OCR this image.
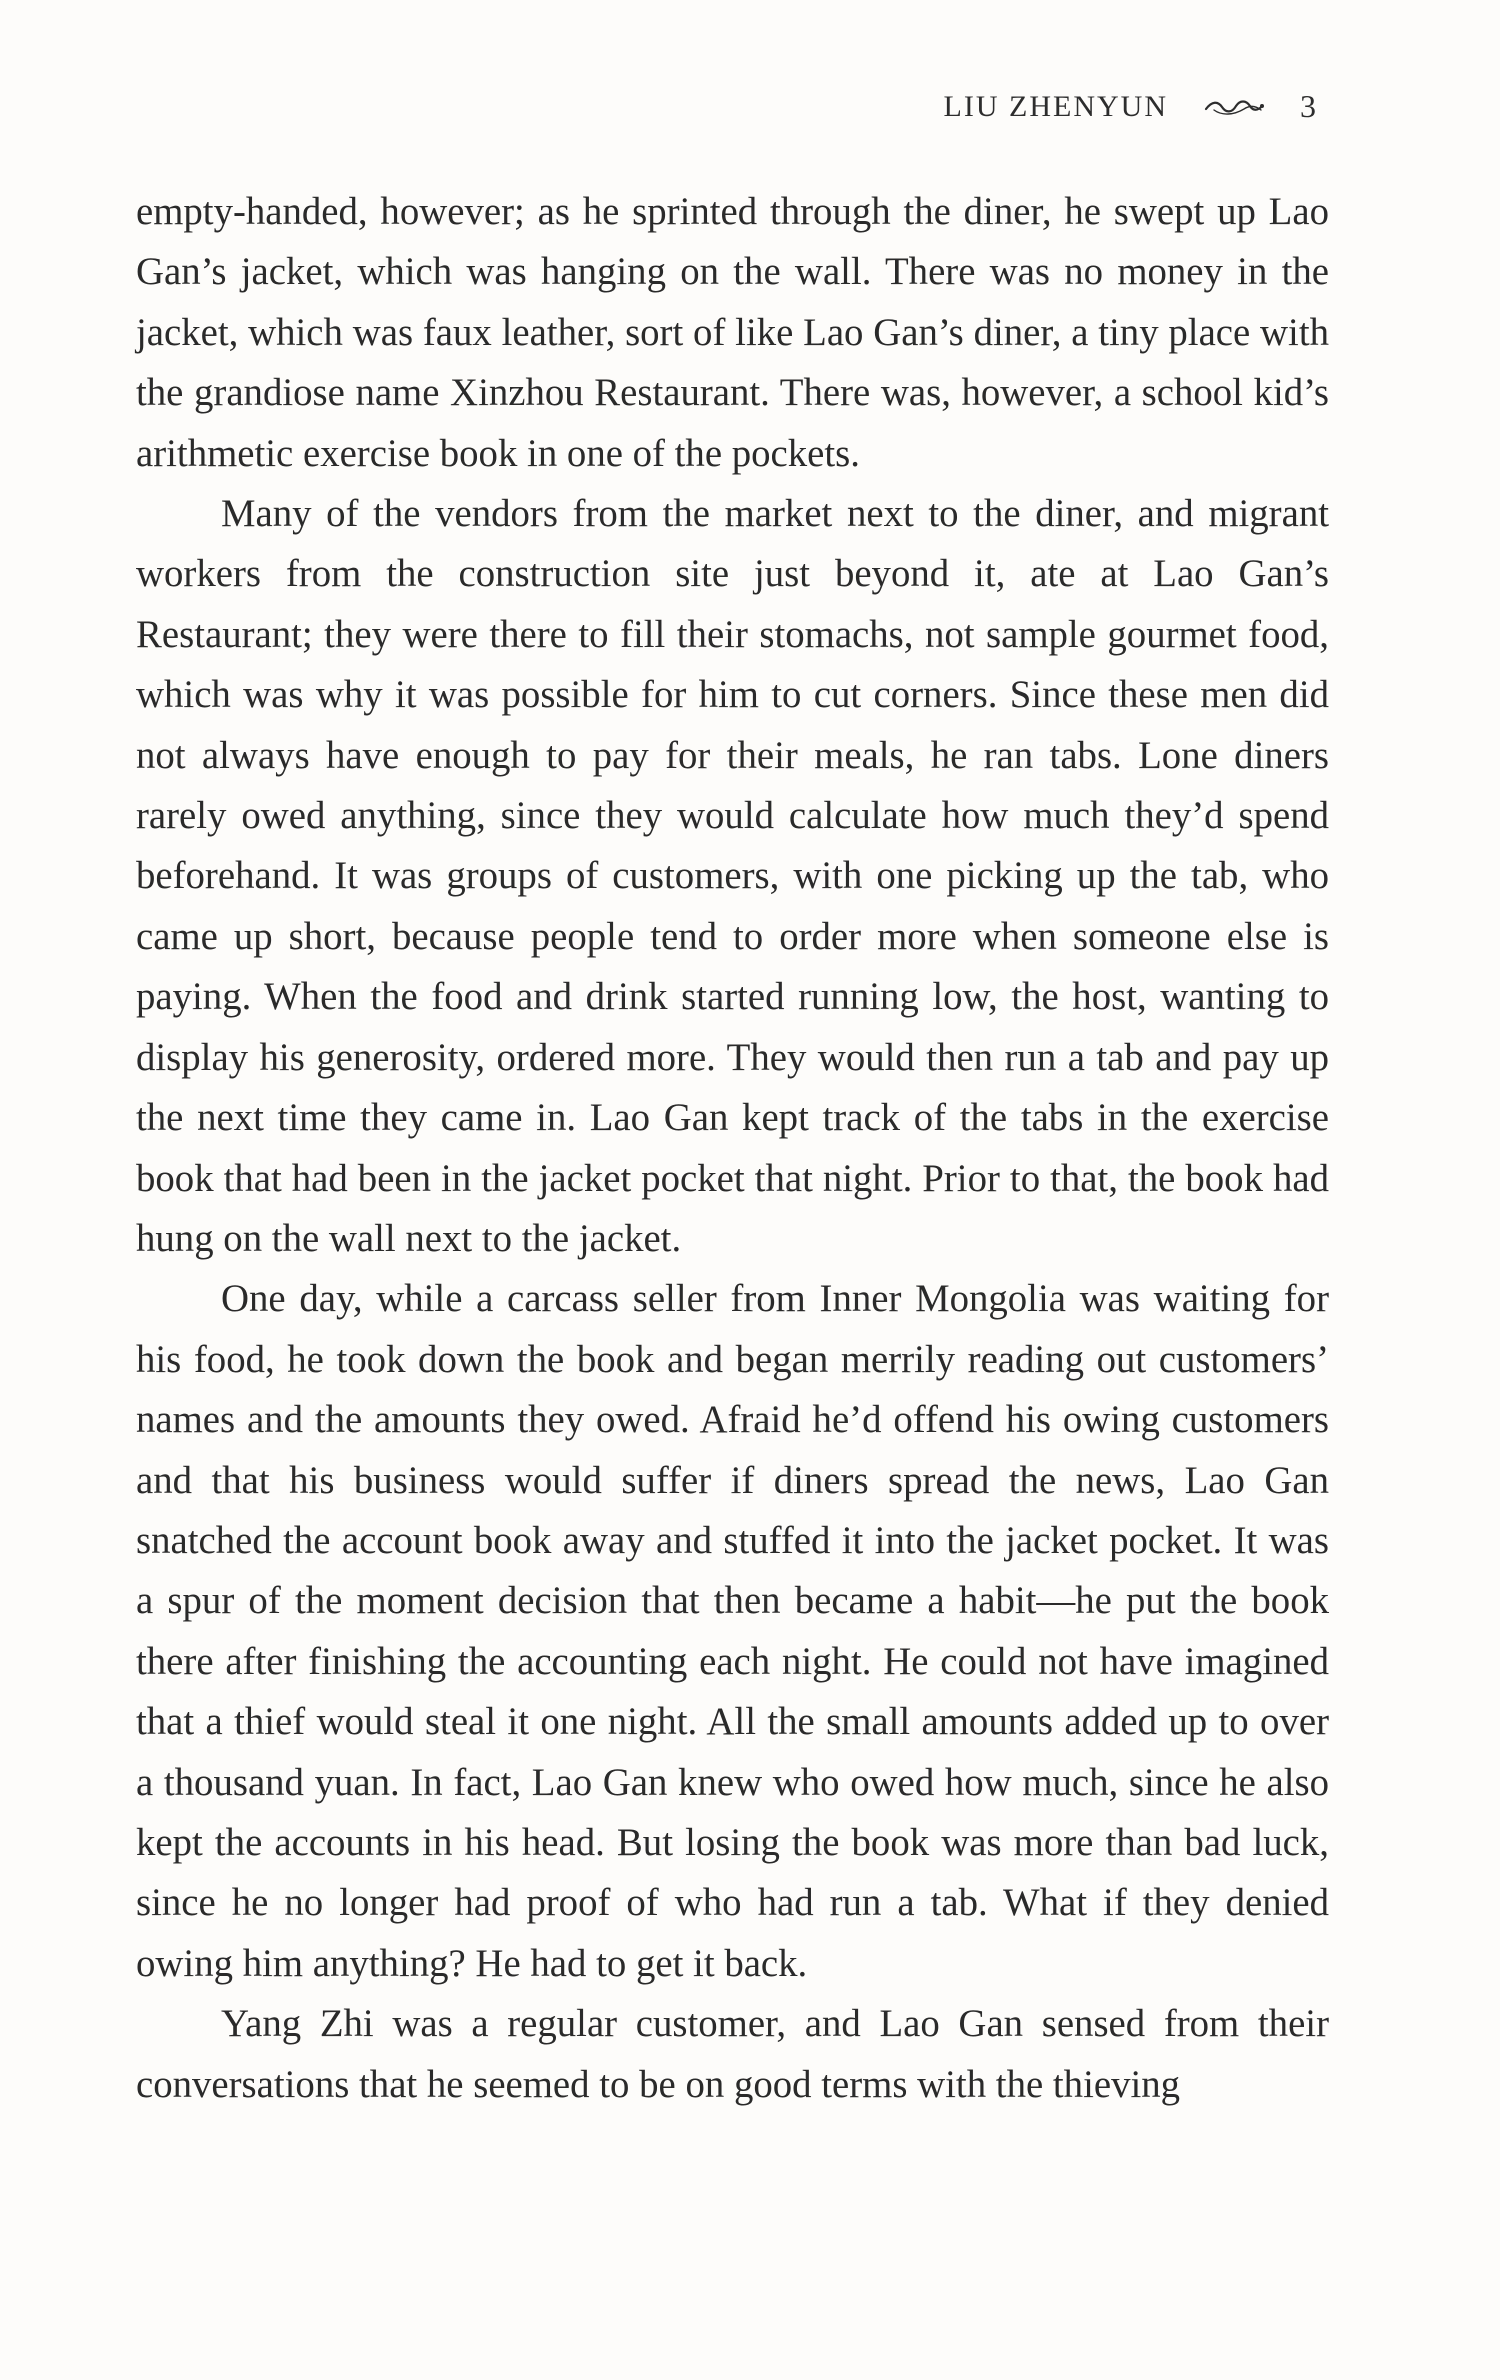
LIU ZHENYUN	3

empty-handed, however; as he sprinted through the diner, he swept up Lao Gan’s jacket, which was hanging on the wall. There was no money in the jacket, which was faux leather, sort of like Lao Gan’s diner, a tiny place with the grandiose name Xinzhou Restaurant. There was, however, a school kid’s arithmetic exercise book in one of the pockets.

Many of the vendors from the market next to the diner, and migrant workers from the construction site just beyond it, ate at Lao Gan’s Restaurant; they were there to fill their stomachs, not sample gourmet food, which was why it was possible for him to cut corners. Since these men did not always have enough to pay for their meals, he ran tabs. Lone diners rarely owed anything, since they would calculate how much they’d spend beforehand. It was groups of customers, with one picking up the tab, who came up short, because people tend to order more when someone else is paying. When the food and drink started running low, the host, wanting to display his generosity, ordered more. They would then run a tab and pay up the next time they came in. Lao Gan kept track of the tabs in the exercise book that had been in the jacket pocket that night. Prior to that, the book had hung on the wall next to the jacket.

One day, while a carcass seller from Inner Mongolia was waiting for his food, he took down the book and began merrily reading out customers’ names and the amounts they owed. Afraid he’d offend his owing customers and that his business would suffer if diners spread the news, Lao Gan snatched the account book away and stuffed it into the jacket pocket. It was a spur of the moment decision that then became a habit—he put the book there after finishing the accounting each night. He could not have imagined that a thief would steal it one night. All the small amounts added up to over a thousand yuan. In fact, Lao Gan knew who owed how much, since he also kept the accounts in his head. But losing the book was more than bad luck, since he no longer had proof of who had run a tab. What if they denied owing him anything? He had to get it back.

Yang Zhi was a regular customer, and Lao Gan sensed from their conversations that he seemed to be on good terms with the thieving
